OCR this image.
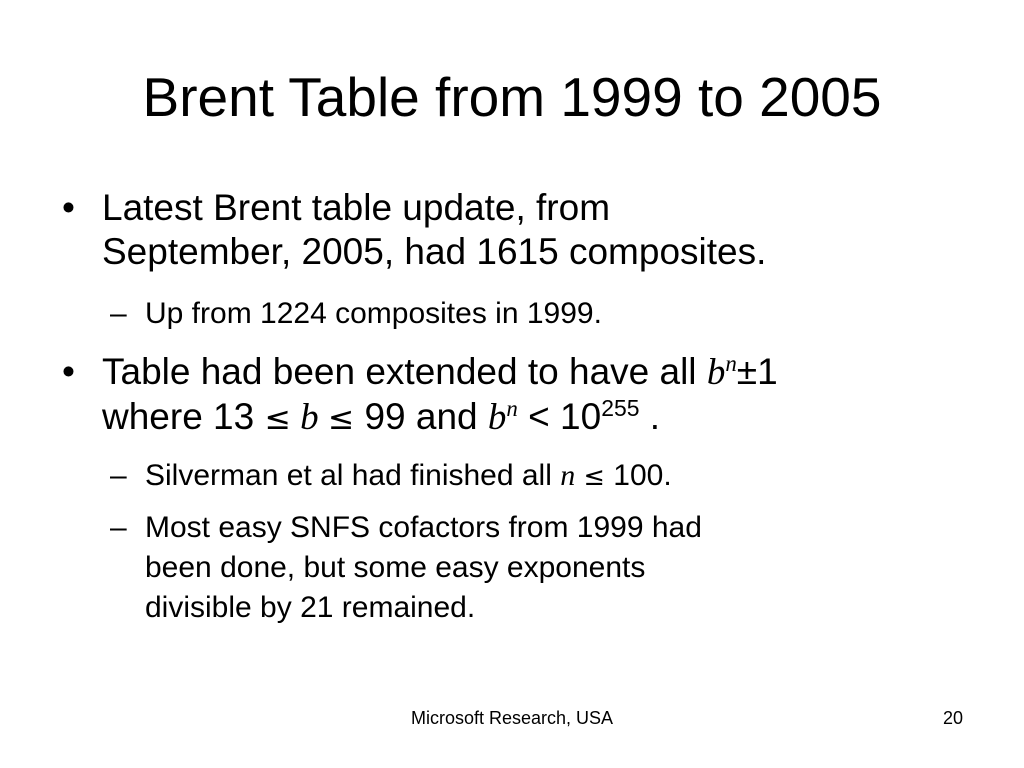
Brent Table from 1999 to 2005
• Latest Brent table update, from
September, 2005, had 1615 composites.
– Up from 1224 composites in 1999.
• Table had been extended to have all $b^n\pm 1$
where 13 ≤ b ≤ 99 and $b^n < 10^{255}$ .
– Silverman et al had finished all n ≤ 100.
– Most easy SNFS cofactors from 1999 had
been done, but some easy exponents
divisible by 21 remained.
Microsoft Research, USA	20
